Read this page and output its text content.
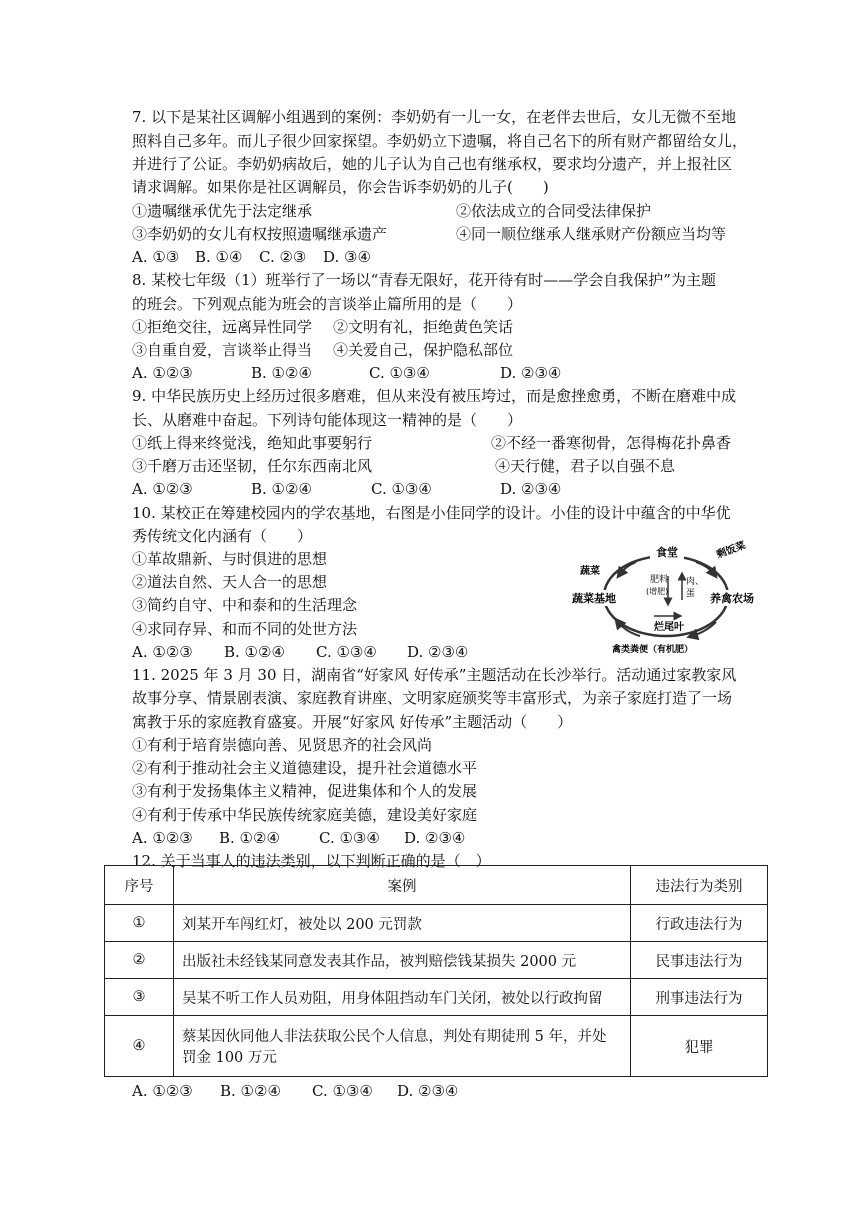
7. 以下是某社区调解小组遇到的案例：李奶奶有一儿一女，在老伴去世后，女儿无微不至地
照料自己多年。而儿子很少回家探望。李奶奶立下遗嘱，将自己名下的所有财产都留给女儿，
并进行了公证。李奶奶病故后，她的儿子认为自己也有继承权，要求均分遗产，并上报社区
请求调解。如果你是社区调解员，你会告诉李奶奶的儿子(　　)
①遗嘱继承优先于法定继承	②依法成立的合同受法律保护
③李奶奶的女儿有权按照遗嘱继承遗产	④同一顺位继承人继承财产份额应当均等
A. ①③ B. ①④ C. ②③ D. ③④
8. 某校七年级（1）班举行了一场以“青春无限好，花开待有时——学会自我保护”为主题
的班会。下列观点能为班会的言谈举止篇所用的是（　　）
①拒绝交往，远离异性同学 ②文明有礼，拒绝黄色笑话
③自重自爱，言谈举止得当 ④关爱自己，保护隐私部位
A. ①②③	B. ①②④	C. ①③④	D. ②③④
9. 中华民族历史上经历过很多磨难，但从来没有被压垮过，而是愈挫愈勇，不断在磨难中成
长、从磨难中奋起。下列诗句能体现这一精神的是（　　）
①纸上得来终觉浅，绝知此事要躬行	②不经一番寒彻骨，怎得梅花扑鼻香
③千磨万击还坚韧，任尔东西南北风	④天行健，君子以自强不息
A. ①②③	B. ①②④	C. ①③④	D. ②③④
10. 某校正在筹建校园内的学农基地，右图是小佳同学的设计。小佳的设计中蕴含的中华优
秀传统文化内涵有（　　）
①革故鼎新、与时俱进的思想
②道法自然、天人合一的思想
③简约自守、中和泰和的生活理念
④求同存异、和而不同的处世方法
A. ①②③ B. ①②④ C. ①③④ D. ②③④
食堂	剩饭菜
蔬菜
肥料
(增肥)
肉、
蛋
蔬菜基地	养禽农场
烂尾叶
禽类粪便（有机肥）
11. 2025 年 3 月 30 日，湖南省“好家风 好传承”主题活动在长沙举行。活动通过家教家风
故事分享、情景剧表演、家庭教育讲座、文明家庭颁奖等丰富形式，为亲子家庭打造了一场
寓教于乐的家庭教育盛宴。开展“好家风 好传承”主题活动（　　）
①有利于培育崇德向善、见贤思齐的社会风尚
②有利于推动社会主义道德建设，提升社会道德水平
③有利于发扬集体主义精神，促进集体和个人的发展
④有利于传承中华民族传统家庭美德，建设美好家庭
A. ①②③ B. ①②④	C. ①③④ D. ②③④
12. 关于当事人的违法类别，以下判断正确的是（　）
序号	案例	违法行为类别
①	刘某开车闯红灯，被处以 200 元罚款	行政违法行为
②	出版社未经钱某同意发表其作品，被判赔偿钱某损失 2000 元	民事违法行为
③	吴某不听工作人员劝阻，用身体阻挡动车门关闭，被处以行政拘留	刑事违法行为
④	蔡某因伙同他人非法获取公民个人信息，判处有期徒刑 5 年，并处
罚金 100 万元	犯罪
A. ①②③ B. ①②④ C. ①③④ D. ②③④
